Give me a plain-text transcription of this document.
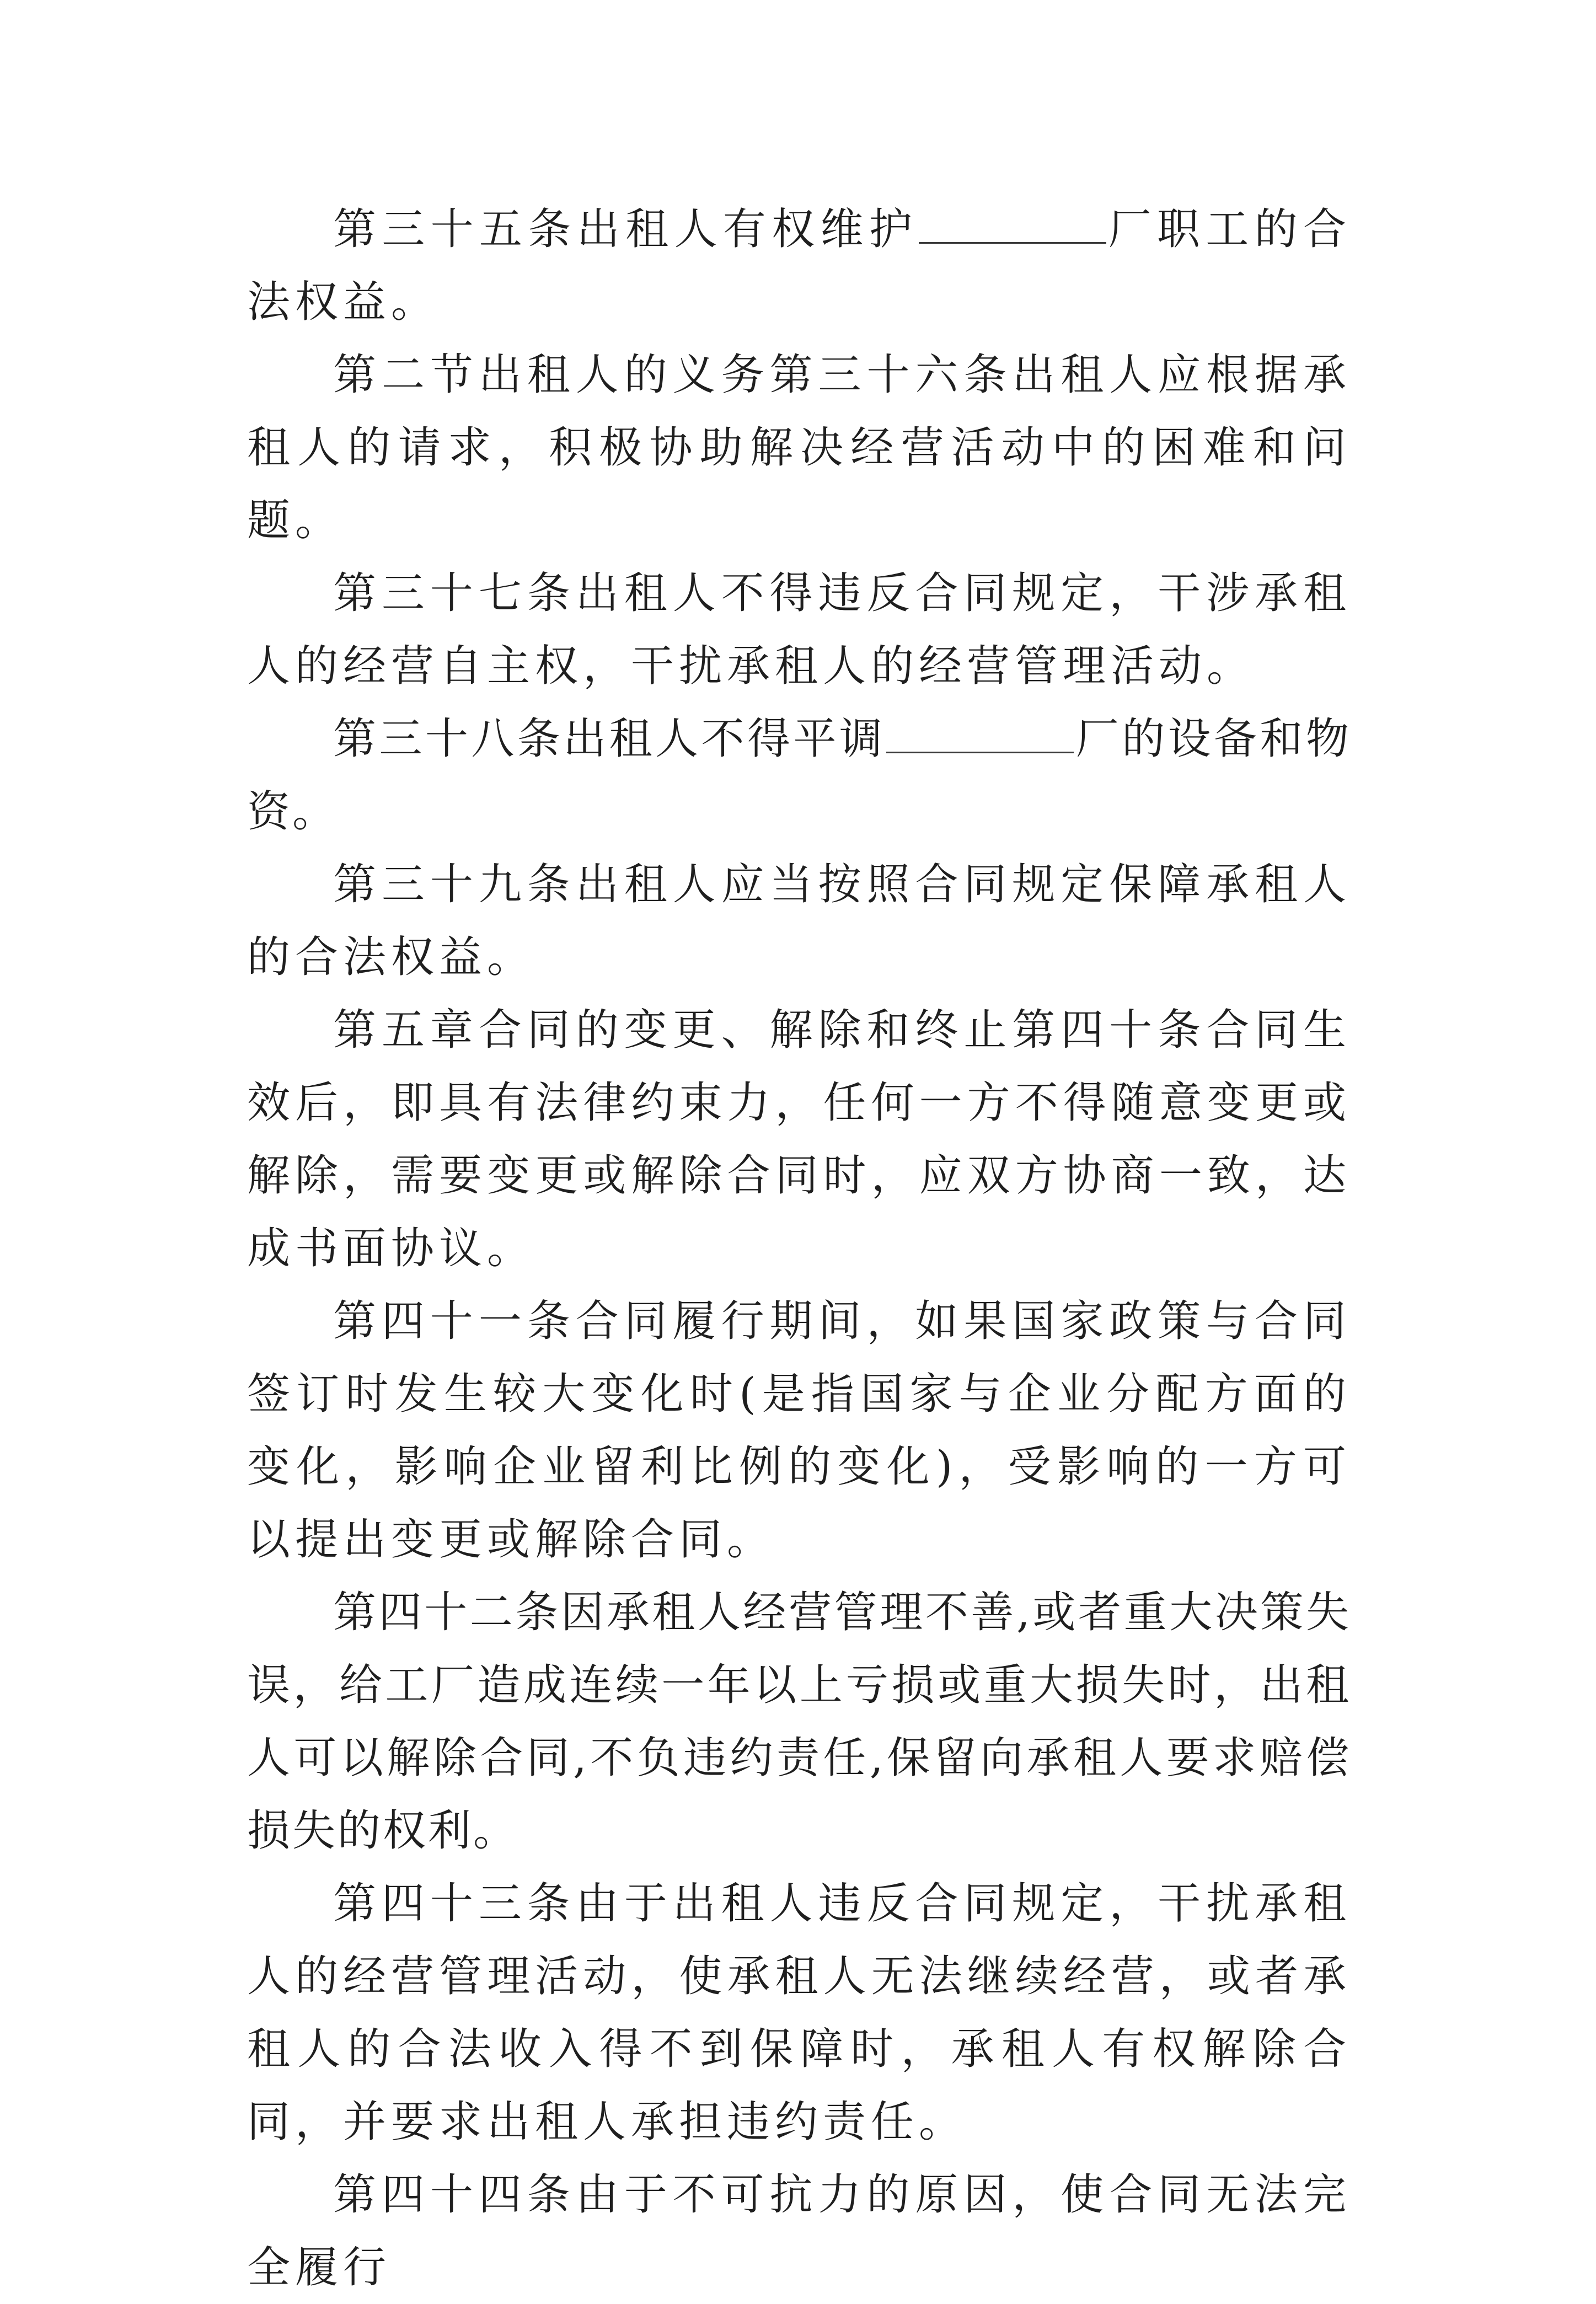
第三十五条出租人有权维护	厂职工的合法权益。

第二节出租人的义务第三十六条出租人应根据承租人的请求，积极协助解决经营活动中的困难和问题。

第三十七条出租人不得违反合同规定，干涉承租人的经营自主权，干扰承租人的经营管理活动。

第三十八条出租人不得平调	厂的设备和物资。

第三十九条出租人应当按照合同规定保障承租人的合法权益。

第五章合同的变更、解除和终止第四十条合同生效后，即具有法律约束力，任何一方不得随意变更或解除，需要变更或解除合同时，应双方协商一致，达成书面协议。

第四十一条合同履行期间，如果国家政策与合同签订时发生较大变化时(是指国家与企业分配方面的变化，影响企业留利比例的变化)，受影响的一方可以提出变更或解除合同。

第四十二条因承租人经营管理不善,或者重大决策失误，给工厂造成连续一年以上亏损或重大损失时，出租人可以解除合同,不负违约责任,保留向承租人要求赔偿损失的权利。

第四十三条由于出租人违反合同规定，干扰承租人的经营管理活动，使承租人无法继续经营，或者承租人的合法收入得不到保障时，承租人有权解除合同，并要求出租人承担违约责任。

第四十四条由于不可抗力的原因，使合同无法完全履行
